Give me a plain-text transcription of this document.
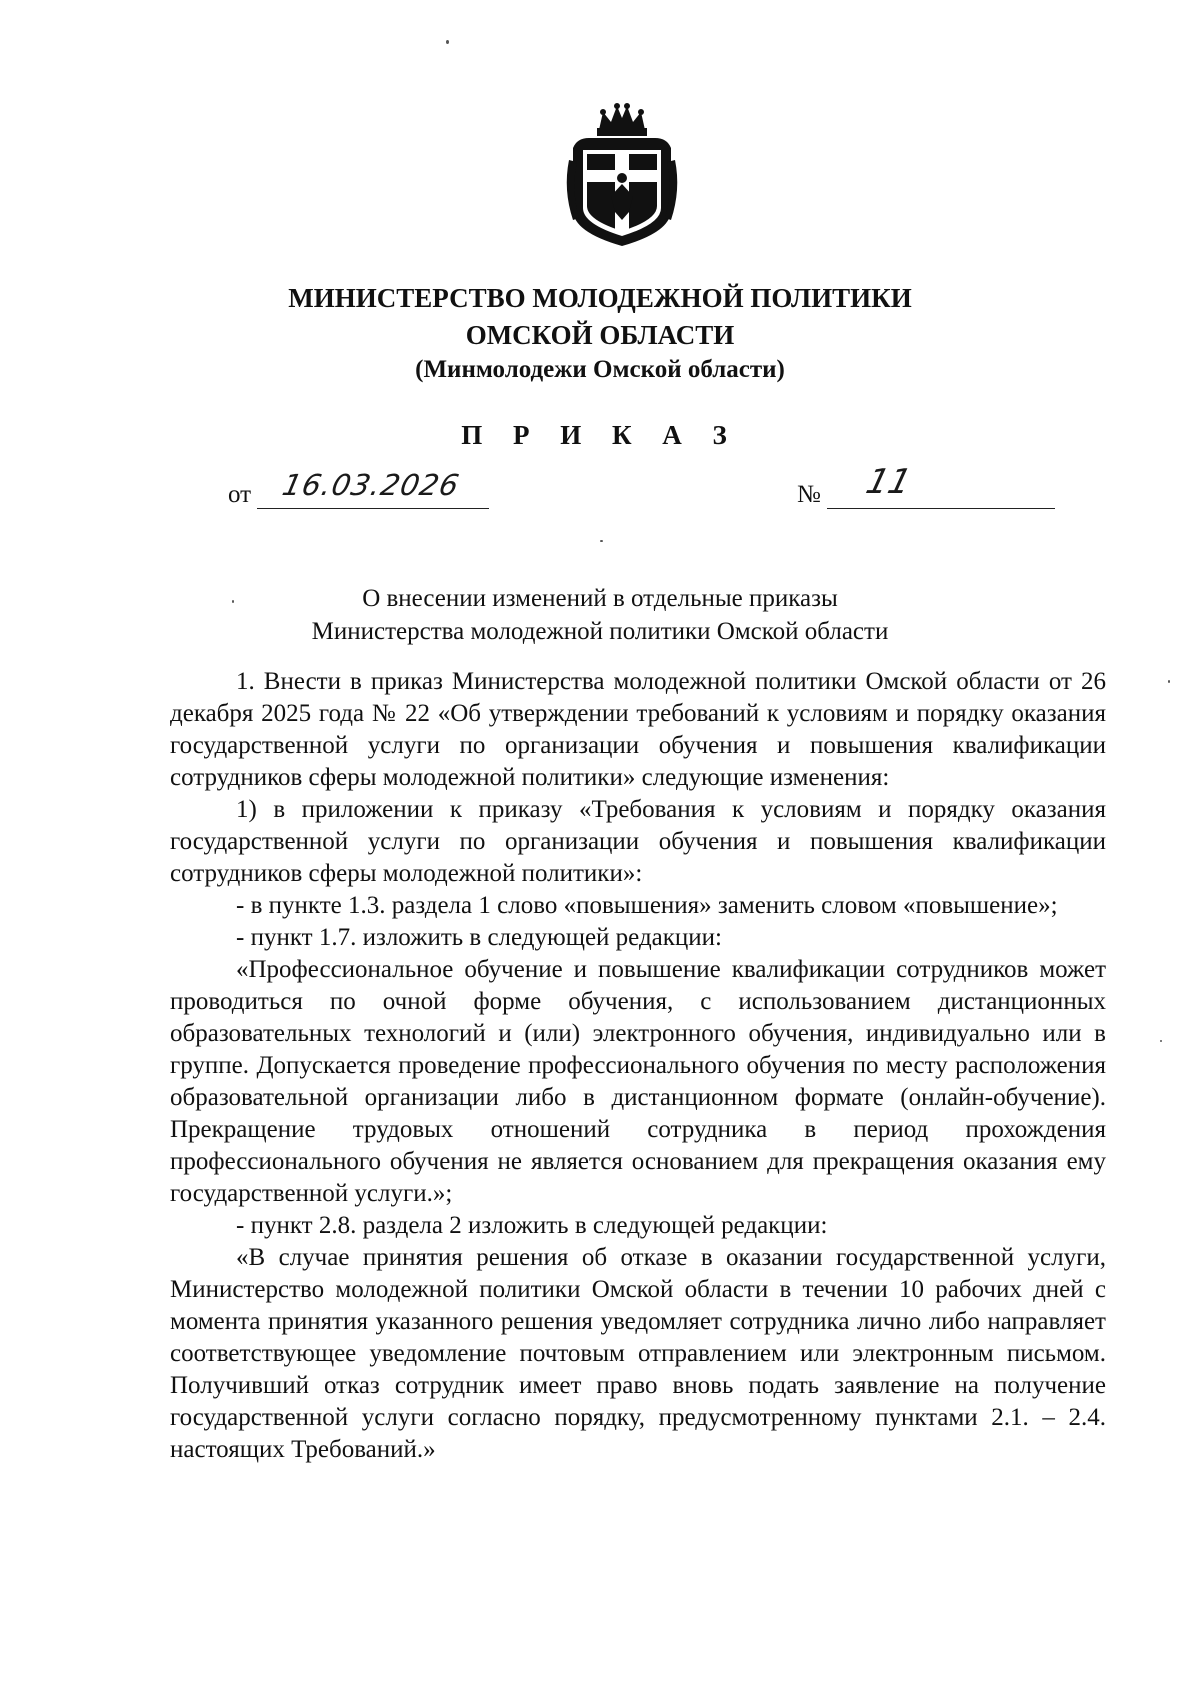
МИНИСТЕРСТВО МОЛОДЕЖНОЙ ПОЛИТИКИ
ОМСКОЙ ОБЛАСТИ
(Минмолодежи Омской области)
П Р И К А З
от 16.03.2026	№ 11
О внесении изменений в отдельные приказы
Министерства молодежной политики Омской области

1. Внести в приказ Министерства молодежной политики Омской области от 26 декабря 2025 года № 22 «Об утверждении требований к условиям и порядку оказания государственной услуги по организации обучения и повышения квалификации сотрудников сферы молодежной политики» следующие изменения:

1) в приложении к приказу «Требования к условиям и порядку оказания государственной услуги по организации обучения и повышения квалификации сотрудников сферы молодежной политики»:

- в пункте 1.3. раздела 1 слово «повышения» заменить словом «повышение»;

- пункт 1.7. изложить в следующей редакции:

«Профессиональное обучение и повышение квалификации сотрудников может проводиться по очной форме обучения, с использованием дистанционных образовательных технологий и (или) электронного обучения, индивидуально или в группе. Допускается проведение профессионального обучения по месту расположения образовательной организации либо в дистанционном формате (онлайн-обучение). Прекращение трудовых отношений сотрудника в период прохождения профессионального обучения не является основанием для прекращения оказания ему государственной услуги.»;

- пункт 2.8. раздела 2 изложить в следующей редакции:

«В случае принятия решения об отказе в оказании государственной услуги, Министерство молодежной политики Омской области в течении 10 рабочих дней с момента принятия указанного решения уведомляет сотрудника лично либо направляет соответствующее уведомление почтовым отправлением или электронным письмом. Получивший отказ сотрудник имеет право вновь подать заявление на получение государственной услуги согласно порядку, предусмотренному пунктами 2.1. – 2.4. настоящих Требований.»
